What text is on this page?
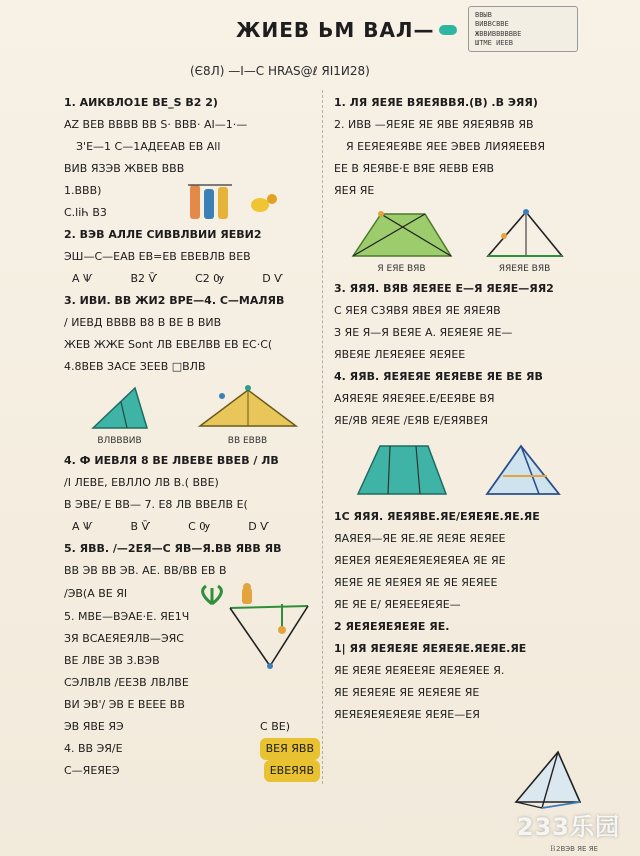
ВВЫВ
ВИВВСВВЕ
ЖВВИВВВВВВЕ
ШТМЕ ИЕЕВ
ЖИЕВ ЬМ ВАЛ—
(Є8Л) —І—С HRAS@ℓ ЯІ1И28)
1. AИКВЛО1Е ВЕ_S В2 2)
AZ ВЕВ ВВВВ ВВ S· ВВВ· АІ—1·—
З'Е—1 С—1АДЕЕАВ ЕВ All
ВИВ ЯЗЭВ ЖВЕВ ВВВ
1.ВВВ)
C.lіҺ В3
2. ВЭВ AЛЛЕ СИВВЛВИИ ЯЕВИ2
ЭШ—С—ЕАВ ЕВ=ЕВ ЕВЕВЛВ ВЕВ
A Ѱ	B2 Ѷ	C2 Ѹ	D Ѵ
3. ИВИ. ВВ ЖИ2 ВРЕ—4. С—МАЛЯВ
/ ИЕВД ВВВВ В8 В ВЕ В ВИВ
ЖЕВ ЖЖЕ Sont ЛВ ЕВЕЛВВ ЕВ ЕС·С(
4.8ВЕВ ЗАСЕ ЗЕЕВ □ВЛВ
ВЛВВВИВ	ВВ ЕВВВ
4. Ф ИЕВЛЯ 8 ВЕ ЛВЕВЕ ВВЕВ / ЛВ
/І ЛЕВЕ, ЕВЛЛО ЛВ В.( ВВЕ)
В ЭВЕ/ Е ВВ— 7. Е8 ЛВ ВВЕЛВ Е(
A Ѱ	B Ѷ	C Ѹ	D Ѵ
5. ЯВВ. /—2ЕЯ—С ЯВ—Я.ВВ ЯВВ ЯВ
ВВ ЭВ ВВ ЭВ. АЕ. ВВ/ВВ ЕВ В
/ЭВ(А ВЕ ЯІ
5. МВЕ—ВЭАЕ·Е. ЯЕ1Ч
ЗЯ ВСАЕЯЕЯЛВ—ЭЯС
ВЕ ЛВЕ ЗВ 3.ВЭВ
СЭЛВЛВ /ЕЕЗВ ЛВЛВЕ
ВИ ЭВ'/ ЭВ Е ВЕЕЕ ВВ
ЭВ ЯВЕ ЯЭ	C ВЕ)
4. ВВ ЭЯ/Е	ВЕЯ ЯВВ
С—ЯЕЯЕЭ	ЕВЕЯЯВ
1. ЛЯ ЯЕЯЕ ВЯЕЯВВЯ.(В) .В ЭЯЯ)
2. ИВВ —ЯЕЯЕ ЯЕ ЯВЕ ЯЯЕЯВЯВ ЯВ
Я ЕЕЯЕЯЕЯВЕ ЯЕЕ ЭВЕВ ЛИЯЯЕЕВЯ
ЕЕ В ЯЕЯВЕ·Е ВЯЕ ЯЕВВ ЕЯВ
ЯЕЯ ЯЕ
Я ЕЯЕ ВЯВ	ЯЯЕЯЕ ВЯВ
3. ЯЯЯ. ВЯВ ЯЕЯЕЕ Е—Я ЯЕЯЕ—ЯЯ2
С ЯЕЯ С3ЯВЯ ЯВЕЯ ЯЕ ЯЯЕЯВ
З ЯЕ Я—Я ВЕЯЕ А. ЯЕЯЕЯЕ ЯЕ—
ЯВЕЯЕ ЛЕЯЕЯЕЕ ЯЕЯЕЕ
4. ЯЯВ. ЯЕЯЕЯЕ ЯЕЯЕВЕ ЯЕ ВЕ ЯВ
АЯЯЕЯЕ ЯЯЕЯЕЕ.Е/ЕЕЯВЕ ВЯ
ЯЕ/ЯВ ЯЕЯЕ /ЕЯВ Е/ЕЯЯВЕЯ
1С ЯЯЯ. ЯЕЯЯВЕ.ЯЕ/ЕЯЕЯЕ.ЯЕ.ЯЕ
ЯАЯЕЯ—ЯЕ ЯЕ.ЯЕ ЯЕЯЕ ЯЕЯЕЕ
ЯЕЯЕЯ ЯЕЯЕЯЕЯЕЯЕЯЕА ЯЕ ЯЕ
ЯЕЯЕ ЯЕ ЯЕЯЕЯ ЯЕ ЯЕ ЯЕЯЕЕ
ЯЕ ЯЕ Е/ ЯЕЯЕЕЯЕЯЕ—
2 ЯЕЯЕЯЕЯЕЯЕ ЯЕ.
1| ЯЯ ЯЕЯЕЯЕ ЯЕЯЕЯЕ.ЯЕЯЕ.ЯЕ
ЯЕ ЯЕЯЕ ЯЕЯЕЕЯЕ ЯЕЯЕЯЕЕ Я.
ЯЕ ЯЕЯЕЯЕ ЯЕ ЯЕЯЕЯЕ ЯЕ
ЯЕЯЕЯЕЯЕЯЕЯЕ ЯЕЯЕ—ЕЯ
233乐园
Ｂ2ВЭВ ЯЕ ЯЕ
